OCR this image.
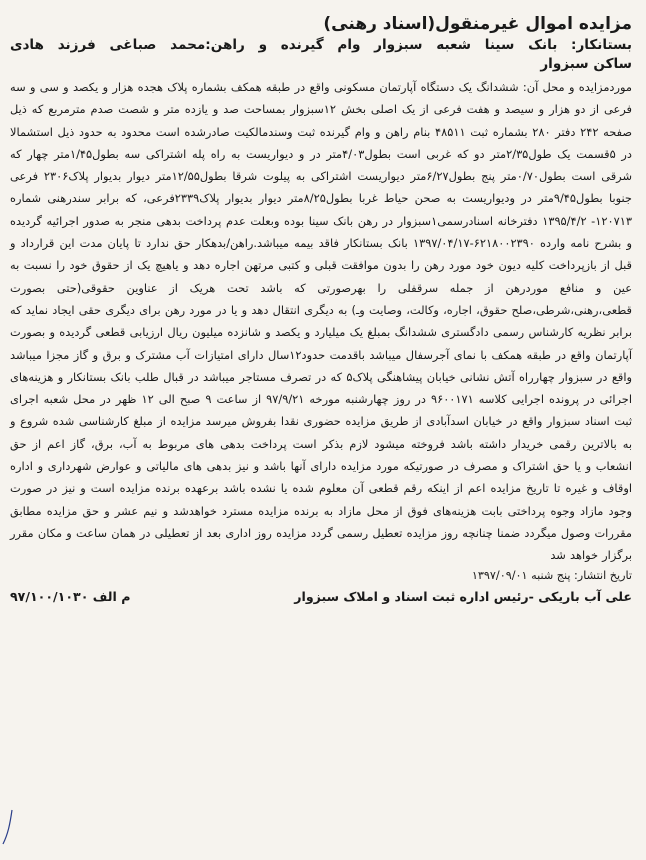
مزایده اموال غیرمنقول(اسناد رهنی)

بستانکار: بانک سینا شعبه سبزوار وام گیرنده و راهن:محمد صباغی فرزند هادی

ساکن سبزوار

موردمزایده و محل آن: ششدانگ یک دستگاه آپارتمان مسکونی واقع در طبقه همکف بشماره پلاک هجده هزار و یکصد و سی و سه فرعی از دو هزار و سیصد و هفت فرعی از یک اصلی بخش ۱۲سبزوار بمساحت صد و یازده متر و شصت صدم مترمربع که ذیل صفحه ۲۴۲ دفتر ۲۸۰ بشماره ثبت ۴۸۵۱۱ بنام راهن و وام گیرنده ثبت وسندمالکیت صادرشده است محدود به حدود ذیل استشمالا در ۵قسمت یک طول۲/۳۵متر دو که غربی است بطول۴/۰۳متر در و دیواریست به راه پله اشتراکی سه بطول۱/۴۵متر چهار که شرقی است بطول۰/۷۰متر پنج بطول۶/۲۷متر دیواریست اشتراکی به پیلوت شرقا بطول۱۲/۵۵متر دیوار بدیوار پلاک۲۳۰۶ فرعی جنوبا بطول۹/۴۵متر در ودیواریست به صحن حیاط غربا بطول۸/۲۵متر دیوار بدیوار پلاک۲۳۳۹فرعی، که برابر سندرهنی شماره ۱۲۰۷۱۳- ۱۳۹۵/۴/۲ دفترخانه اسنادرسمی۱سبزوار در رهن بانک سینا بوده وبعلت عدم پرداخت بدهی منجر به صدور اجرائیه گردیده و بشرح نامه وارده ۶۲۱۸۰۰۲۳۹۰-۱۳۹۷/۰۴/۱۷ بانک بستانکار فاقد بیمه میباشد.راهن/بدهکار حق ندارد تا پایان مدت این قرارداد و قبل از بازپرداخت کلیه دیون خود مورد رهن را بدون موافقت قبلی و کتبی مرتهن اجاره دهد و یاهیچ یک از حقوق خود را نسبت به عین و منافع موردرهن از جمله سرقفلی را بهرصورتی که باشد تحت هریک از عناوین حقوقی(حتی بصورت قطعی،رهنی،شرطی،صلح حقوق، اجاره، وکالت، وصایت وـ) به دیگری انتقال دهد و یا در مورد رهن برای دیگری حقی ایجاد نماید که برابر نظریه کارشناس رسمی دادگستری ششدانگ بمبلغ یک میلیارد و یکصد و شانزده میلیون ریال ارزیابی قطعی گردیده و بصورت آپارتمان واقع در طبقه همکف با نمای آجرسفال میباشد باقدمت حدود۱۲سال دارای امتیازات آب مشترک و برق و گاز مجزا میباشد واقع در سبزوار چهارراه آتش نشانی خیابان پیشاهنگی پلاک۵ که در تصرف مستاجر میباشد در قبال طلب بانک بستانکار و هزینه‌های اجرائی در پرونده اجرایی کلاسه ۹۶۰۰۱۷۱ در روز چهارشنبه مورخه ۹۷/۹/۲۱ از ساعت ۹ صبح الی ۱۲ ظهر در محل شعبه اجرای ثبت اسناد سبزوار واقع در خیابان اسدآبادی از طریق مزایده حضوری نقدا بفروش میرسد مزایده از مبلغ کارشناسی شده شروع و به بالاترین رقمی خریدار داشته باشد فروخته میشود لازم بذکر است پرداخت بدهی های مربوط به آب، برق، گاز اعم از حق انشعاب و یا حق اشتراک و مصرف در صورتیکه مورد مزایده دارای آنها باشد و نیز بدهی های مالیاتی و عوارض شهرداری و اداره اوقاف و غیره تا تاریخ مزایده اعم از اینکه رقم قطعی آن معلوم شده یا نشده باشد برعهده برنده مزایده است و نیز در صورت وجود مازاد وجوه پرداختی بابت هزینه‌های فوق از محل مازاد به برنده مزایده مسترد خواهدشد و نیم عشر و حق مزایده مطابق مقررات وصول میگردد ضمنا چنانچه روز مزایده تعطیل رسمی گردد مزایده روز اداری بعد از تعطیلی در همان ساعت و مکان مقرر برگزار خواهد شد

تاریخ انتشار: پنج شنبه ۱۳۹۷/۰۹/۰۱

علی آب باریکی -رئیس اداره ثبت اسناد و املاک سبزوار
م الف ۹۷/۱۰۰/۱۰۳۰
